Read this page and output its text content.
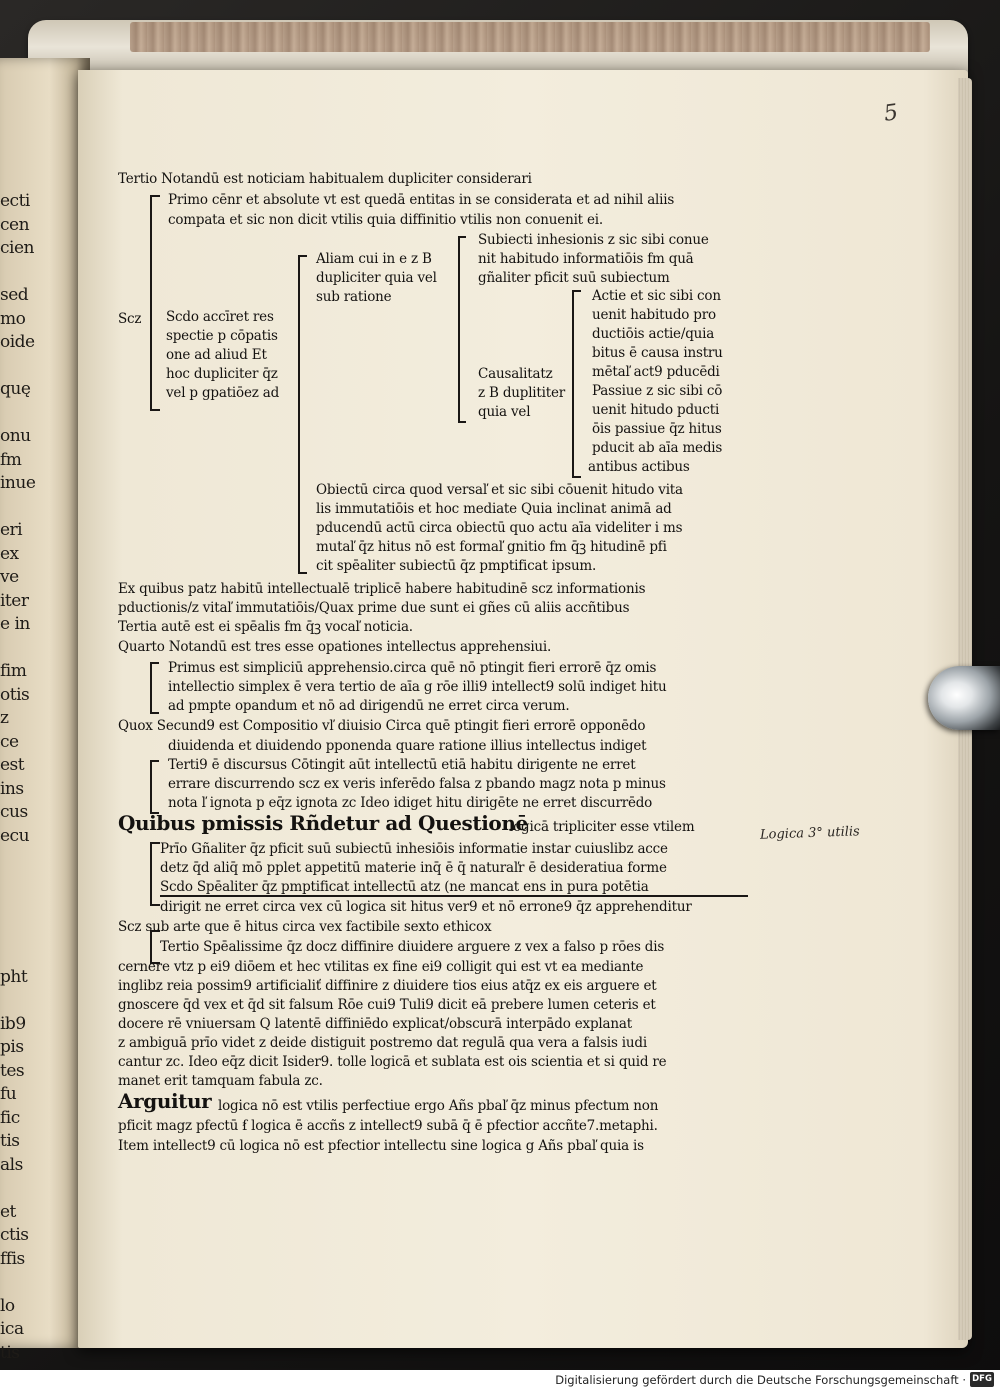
ecti
cen
cien
sed
mo
oide
quę
onu
fm
inue
eri
ex
ve
iter
e in
fim
otis
z
ce
est
ins
cus
ecu
pht
ib9
pis
tes
fu
fic
tis
als
et
ctis
ffis
lo
ica
tis
5
Tertio Notandū est noticiam habitualem dupliciter considerari
Primo cēnr et absolute vt est quedā entitas in se considerata et ad nihil aliis
compata et sic non dicit vtilis quia diffinitio vtilis non conuenit ei.
Aliam cui in e z B
Subiecti inhesionis z sic sibi conue
dupliciter quia vel
nit habitudo informatiōis fm quā
sub ratione
gñaliter pficit suū subiectum
Scz Scdo accīret res
Actie et sic sibi con
spectie p cōpatis
uenit habitudo pro
one ad aliud Et
ductiōis actie/quia
hoc dupliciter q̄z
bitus ē causa instru
vel p gpatiōez ad
Causalitatz	mētaľ act9 pducēdi
z B duplititer Passiue z sic sibi cō
quia vel	uenit hitudo pducti
ōis passiue q̄z hitus
pducit ab aīa medis
antibus actibus
Obiectū circa quod versaľ et sic sibi cōuenit hitudo vita
lis immutatiōis et hoc mediate Quia inclinat animā ad
pducendū actū circa obiectū quo actu aīa videliter i ms
mutaľ q̄z hitus nō est formaľ gnitio fm q̄ꝫ hitudinē pfi
cit spēaliter subiectū q̄z pmptificat ipsum.
Ex quibus patz habitū intellectualē triplicē habere habitudinē scz informationis
pductionis/z vitaľ immutatiōis/Quax prime due sunt ei gñes cū aliis accñtibus
Tertia autē est ei spēalis fm q̄ꝫ vocaľ noticia.
Quarto Notandū est tres esse opationes intellectus apprehensiui.
Primus est simpliciū apprehensio.circa quē nō ptingit fieri errorē q̄z omis
intellectio simplex ē vera tertio de aīa g rōe illi9 intellect9 solū indiget hitu
ad pmpte opandum et nō ad dirigendū ne erret circa verum.
Quox Secund9 est Compositio vľ diuisio Circa quē ptingit fieri errorē opponēdo
diuidenda et diuidendo pponenda quare ratione illius intellectus indiget
Terti9 ē discursus Cōtingit aūt intellectū etiā habitu dirigente ne erret
errare discurrendo scz ex veris inferēdo falsa z pbando magz nota p minus
nota ľ ignota p eq̄z ignota zc Ideo idiget hitu dirigēte ne erret discurrēdo
Quibus pmissis Rñdetur ad Questionē
logicā tripliciter esse vtilem
Prīo Gñaliter q̄z pficit suū subiectū inhesiōis informatie instar cuiuslibz acce
detz q̄d aliq̄ mō pplet appetitū materie inq̄ ē q̄ naturaľr ē desideratiua forme
Scdo Spēaliter q̄z pmptificat intellectū atz (ne mancat ens in pura potētia
dirigit ne erret circa vex cū logica sit hitus ver9 et nō errone9 q̄z apprehenditur
Scz sub arte que ē hitus circa vex factibile sexto ethicox
Tertio Spēalissime q̄z docz diffinire diuidere arguere z vex a falso p rōes dis
cernere vtz p ei9 diōem et hec vtilitas ex fine ei9 colligit qui est vt ea mediante
inglibz reia possim9 artificialiť diffinire z diuidere tios eius atq̄z ex eis arguere et
gnoscere q̄d vex et q̄d sit falsum Rōe cui9 Tuli9 dicit eā prebere lumen ceteris et
docere rē vniuersam Q latentē diffiniēdo explicat/obscurā interpādo explanat
z ambiguā prīo videt z deide distiguit postremo dat regulā qua vera a falsis iudi
cantur zc. Ideo eq̄z dicit Isider9. tolle logicā et sublata est ois scientia et si quid re
manet erit tamquam fabula zc.
Arguitur logica nō est vtilis perfectiue ergo Añs pbaľ q̄z minus pfectum non
pficit magz pfectū ẜ logica ē accñs z intellect9 subā q̄ ē pfectior accñte7.metaphi.
Item intellect9 cū logica nō est pfectior intellectu sine logica g Añs pbaľ quia is
Logica 3° utilis
Digitalisierung gefördert durch die Deutsche Forschungsgemeinschaft · DFG
